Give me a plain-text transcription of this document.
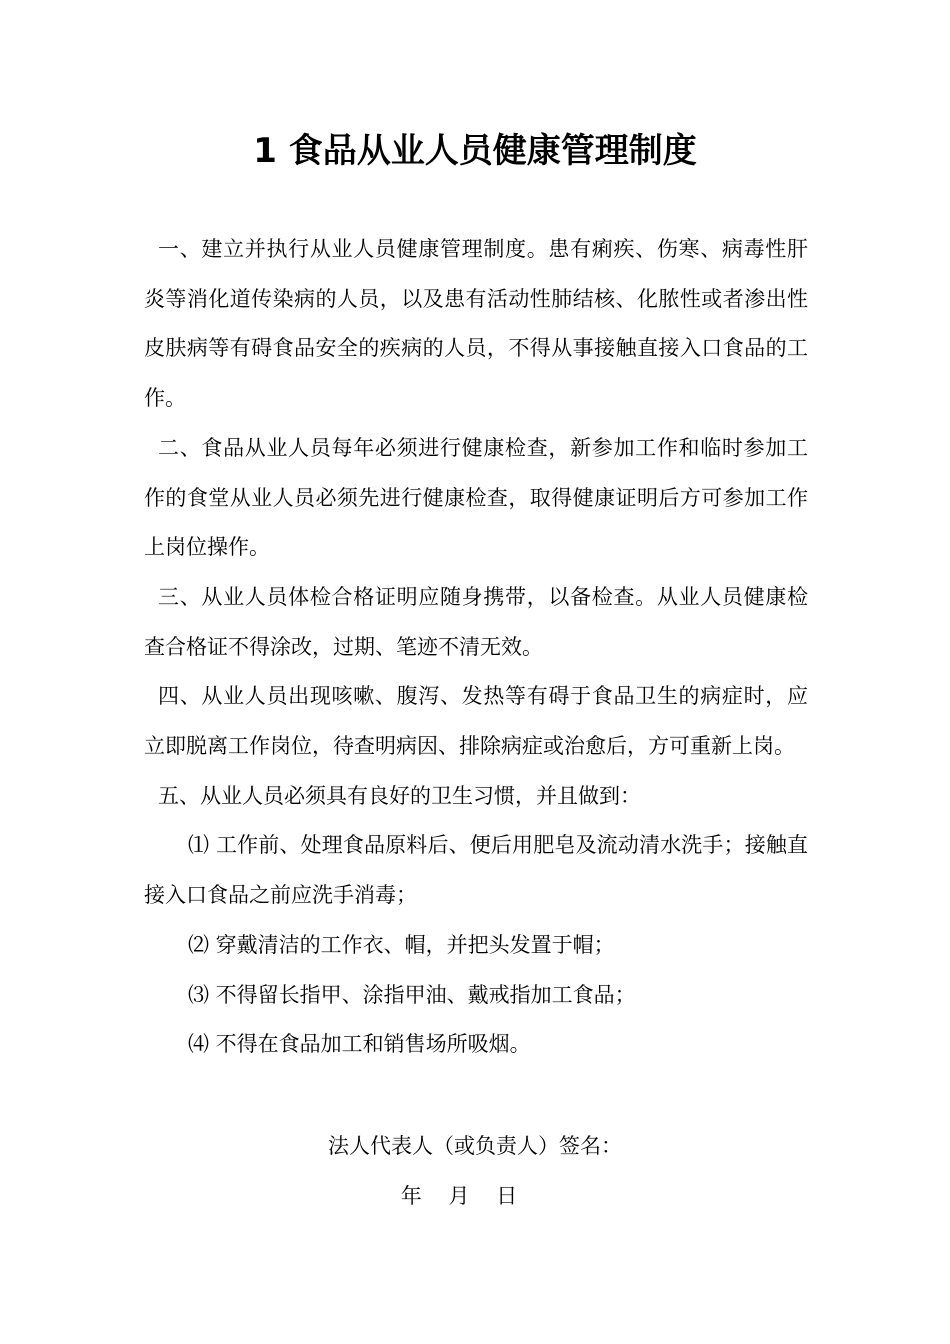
1 食品从业人员健康管理制度

一、建立并执行从业人员健康管理制度。患有痢疾、伤寒、病毒性肝炎等消化道传染病的人员，以及患有活动性肺结核、化脓性或者渗出性皮肤病等有碍食品安全的疾病的人员，不得从事接触直接入口食品的工作。

二、食品从业人员每年必须进行健康检查，新参加工作和临时参加工作的食堂从业人员必须先进行健康检查，取得健康证明后方可参加工作上岗位操作。

三、从业人员体检合格证明应随身携带，以备检查。从业人员健康检查合格证不得涂改，过期、笔迹不清无效。

四、从业人员出现咳嗽、腹泻、发热等有碍于食品卫生的病症时，应立即脱离工作岗位，待查明病因、排除病症或治愈后，方可重新上岗。

五、从业人员必须具有良好的卫生习惯，并且做到：

⑴ 工作前、处理食品原料后、便后用肥皂及流动清水洗手；接触直接入口食品之前应洗手消毒；

⑵ 穿戴清洁的工作衣、帽，并把头发置于帽；

⑶ 不得留长指甲、涂指甲油、戴戒指加工食品；

⑷ 不得在食品加工和销售场所吸烟。

法人代表人（或负责人）签名：
年    月    日
